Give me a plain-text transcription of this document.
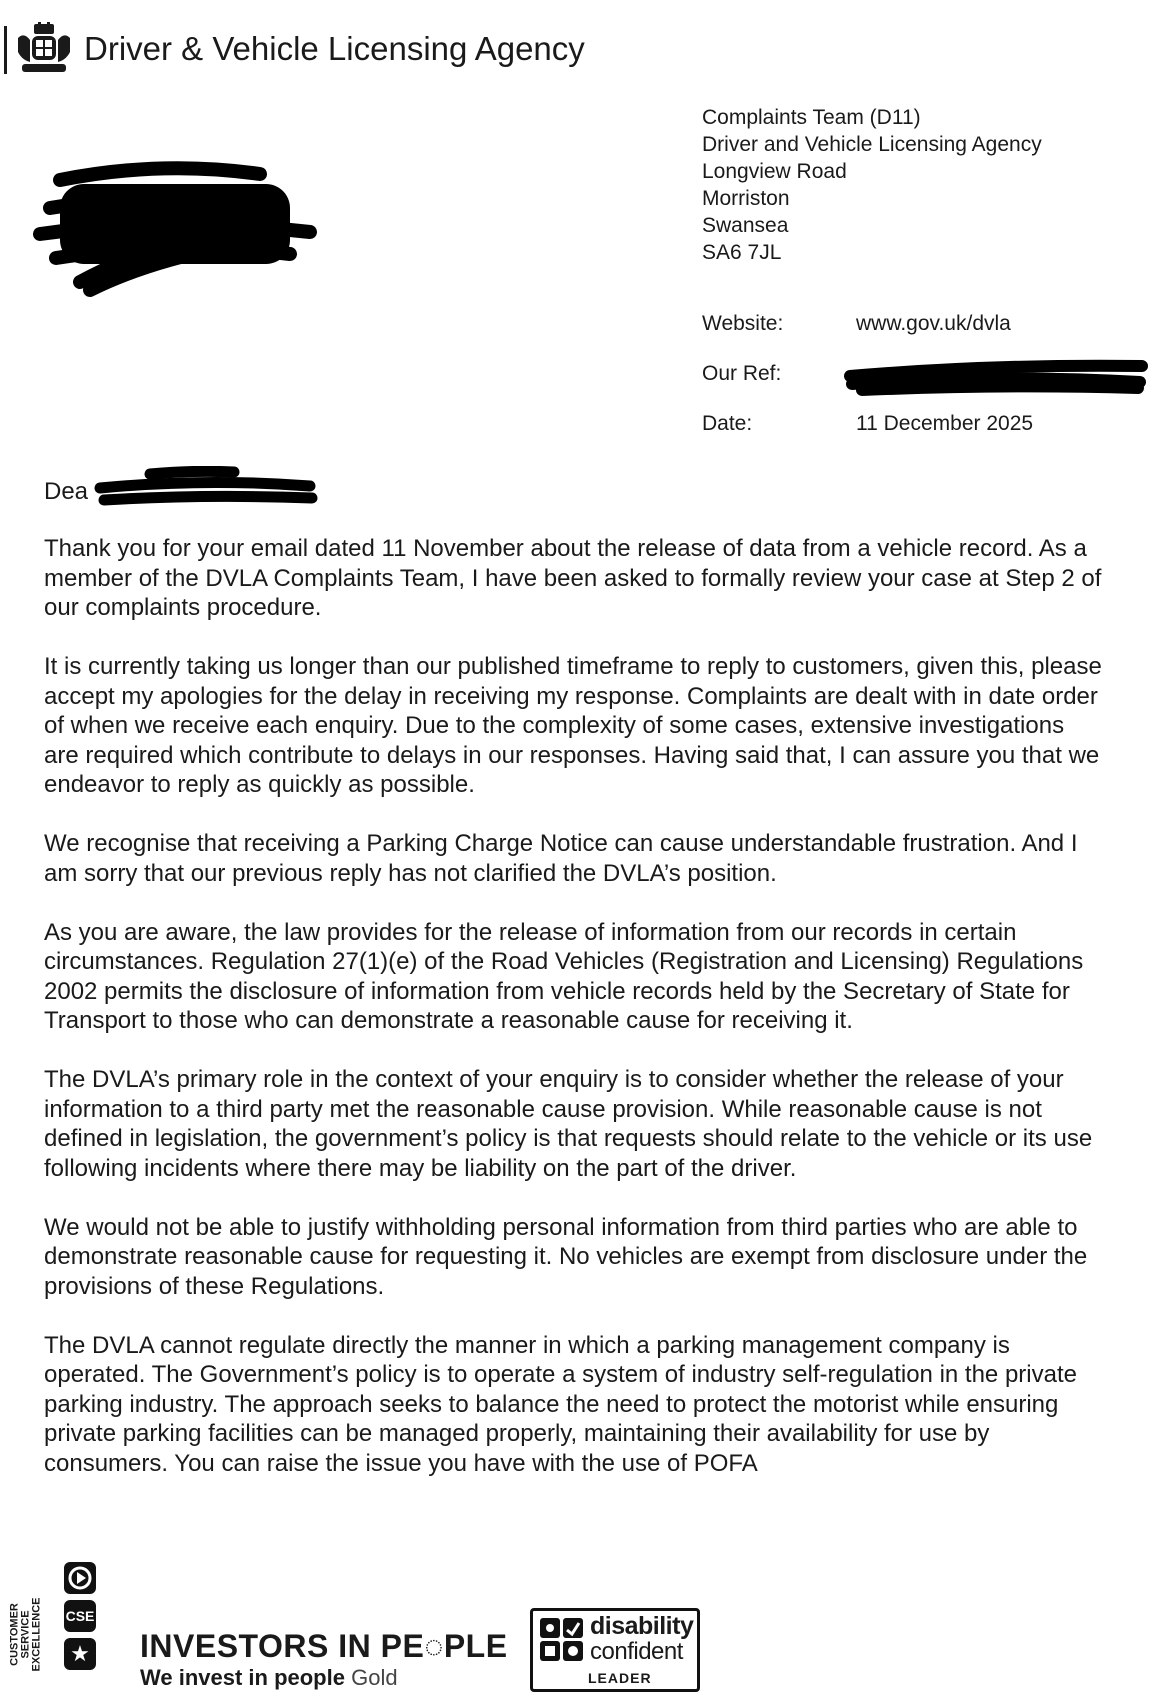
Driver & Vehicle Licensing Agency
Complaints Team (D11)
Driver and Vehicle Licensing Agency
Longview Road
Morriston
Swansea
SA6 7JL
Website:	www.gov.uk/dvla
Our Ref:
Date:	11 December 2025
Dea

Thank you for your email dated 11 November about the release of data from a vehicle record. As a member of the DVLA Complaints Team, I have been asked to formally review your case at Step 2 of our complaints procedure.

It is currently taking us longer than our published timeframe to reply to customers, given this, please accept my apologies for the delay in receiving my response. Complaints are dealt with in date order of when we receive each enquiry. Due to the complexity of some cases, extensive investigations are required which contribute to delays in our responses. Having said that, I can assure you that we endeavor to reply as quickly as possible.

We recognise that receiving a Parking Charge Notice can cause understandable frustration. And I am sorry that our previous reply has not clarified the DVLA’s position.

As you are aware, the law provides for the release of information from our records in certain circumstances. Regulation 27(1)(e) of the Road Vehicles (Registration and Licensing) Regulations 2002 permits the disclosure of information from vehicle records held by the Secretary of State for Transport to those who can demonstrate a reasonable cause for receiving it.

The DVLA’s primary role in the context of your enquiry is to consider whether the release of your information to a third party met the reasonable cause provision. While reasonable cause is not defined in legislation, the government’s policy is that requests should relate to the vehicle or its use following incidents where there may be liability on the part of the driver.

We would not be able to justify withholding personal information from third parties who are able to demonstrate reasonable cause for requesting it. No vehicles are exempt from disclosure under the provisions of these Regulations.

The DVLA cannot regulate directly the manner in which a parking management company is operated. The Government’s policy is to operate a system of industry self-regulation in the private parking industry. The approach seeks to balance the need to protect the motorist while ensuring private parking facilities can be managed properly, maintaining their availability for use by consumers. You can raise the issue you have with the use of POFA

CUSTOMER SERVICE EXCELLENCE CSE
★ INVESTORS IN PE◌PLE
We invest in people Gold
disability
confident
LEADER
